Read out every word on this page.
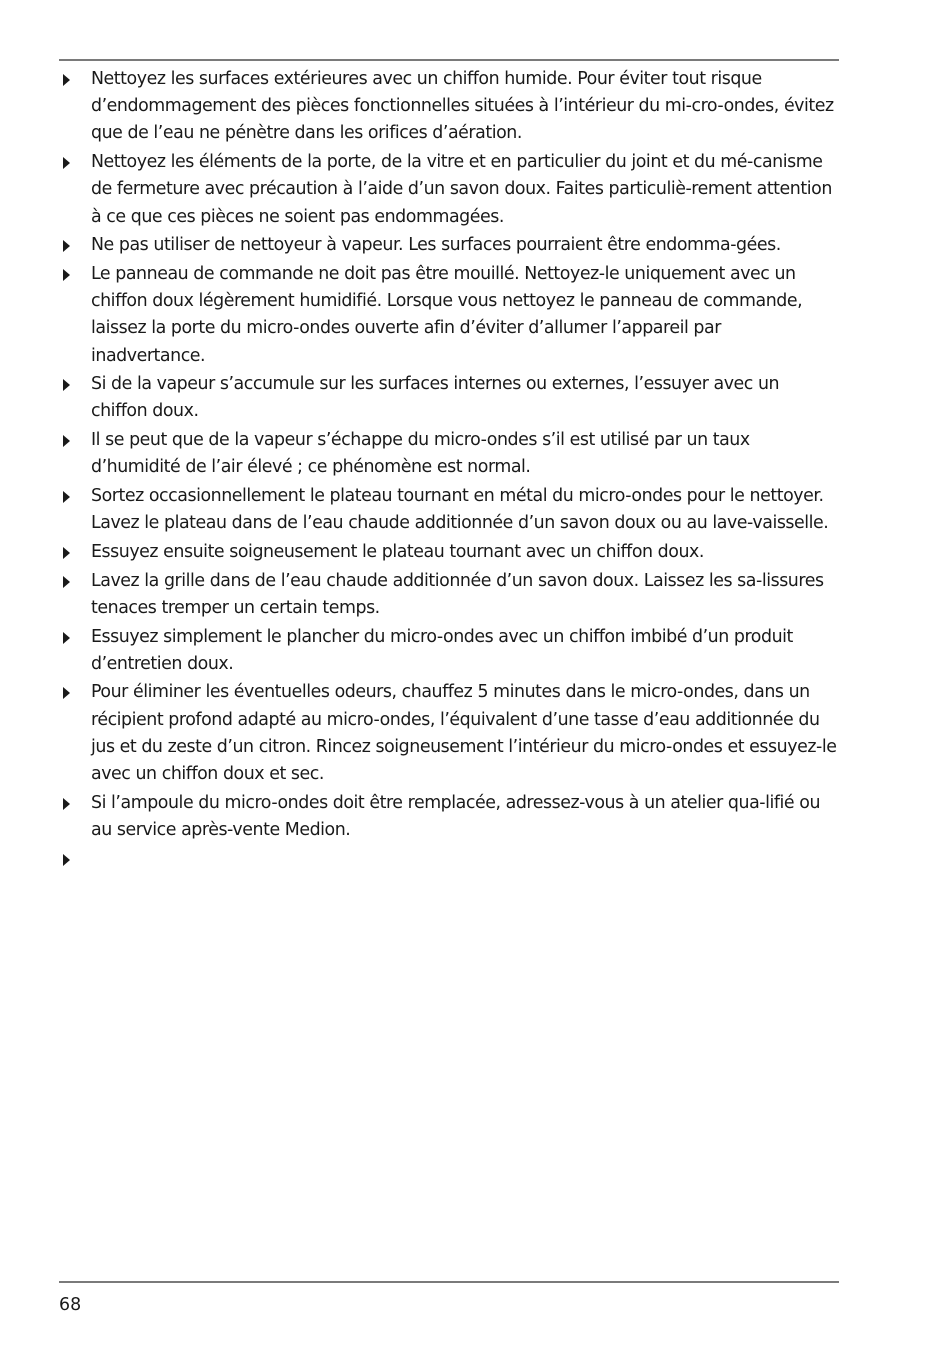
Nettoyez les surfaces extérieures avec un chiffon humide. Pour éviter tout risque d’endommagement des pièces fonctionnelles situées à l’intérieur du mi-cro-ondes, évitez que de l’eau ne pénètre dans les orifices d’aération.
Nettoyez les éléments de la porte, de la vitre et en particulier du joint et du mé-canisme de fermeture avec précaution à l’aide d’un savon doux. Faites particuliè-rement attention à ce que ces pièces ne soient pas endommagées.
Ne pas utiliser de nettoyeur à vapeur. Les surfaces pourraient être endomma-gées.
Le panneau de commande ne doit pas être mouillé. Nettoyez-le uniquement avec un chiffon doux légèrement humidifié. Lorsque vous nettoyez le panneau de commande, laissez la porte du micro-ondes ouverte afin d’éviter d’allumer l’appareil par inadvertance.
Si de la vapeur s’accumule sur les surfaces internes ou externes, l’essuyer avec un chiffon doux.
Il se peut que de la vapeur s’échappe du micro-ondes s’il est utilisé par un taux d’humidité de l’air élevé ; ce phénomène est normal.
Sortez occasionnellement le plateau tournant en métal du micro-ondes pour le nettoyer. Lavez le plateau dans de l’eau chaude additionnée d’un savon doux ou au lave-vaisselle.
Essuyez ensuite soigneusement le plateau tournant avec un chiffon doux.
Lavez la grille dans de l’eau chaude additionnée d’un savon doux. Laissez les sa-lissures tenaces tremper un certain temps.
Essuyez simplement le plancher du micro-ondes avec un chiffon imbibé d’un produit d’entretien doux.
Pour éliminer les éventuelles odeurs, chauffez 5 minutes dans le micro-ondes, dans un récipient profond adapté au micro-ondes, l’équivalent d’une tasse d’eau additionnée du jus et du zeste d’un citron. Rincez soigneusement l’intérieur du micro-ondes et essuyez-le avec un chiffon doux et sec.
Si l’ampoule du micro-ondes doit être remplacée, adressez-vous à un atelier qua-lifié ou au service après-vente Medion.
68
